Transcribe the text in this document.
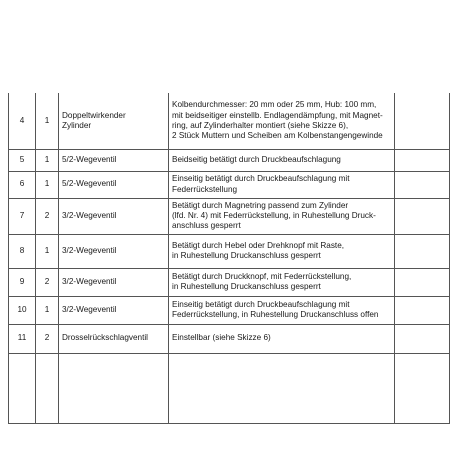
4	1	Doppeltwirkender
Zylinder	Kolbendurchmesser: 20 mm oder 25 mm, Hub: 100 mm,
mit beidseitiger einstellb. Endlagendämpfung, mit Magnet-
ring, auf Zylinderhalter montiert (siehe Skizze 6),
2 Stück Muttern und Scheiben am Kolbenstangengewinde	
5	1	5/2-Wegeventil	Beidseitig betätigt durch Druckbeaufschlagung	
6	1	5/2-Wegeventil	Einseitig betätigt durch Druckbeaufschlagung mit
Federrückstellung	
7	2	3/2-Wegeventil	Betätigt durch Magnetring passend zum Zylinder
(lfd. Nr. 4) mit Federrückstellung, in Ruhestellung Druck-
anschluss gesperrt	
8	1	3/2-Wegeventil	Betätigt durch Hebel oder Drehknopf mit Raste,
in Ruhestellung Druckanschluss gesperrt	
9	2	3/2-Wegeventil	Betätigt durch Druckknopf, mit Federrückstellung,
in Ruhestellung Druckanschluss gesperrt	
10	1	3/2-Wegeventil	Einseitig betätigt durch Druckbeaufschlagung mit
Federrückstellung, in Ruhestellung Druckanschluss offen	
11	2	Drosselrückschlagventil	Einstellbar (siehe Skizze 6)	
